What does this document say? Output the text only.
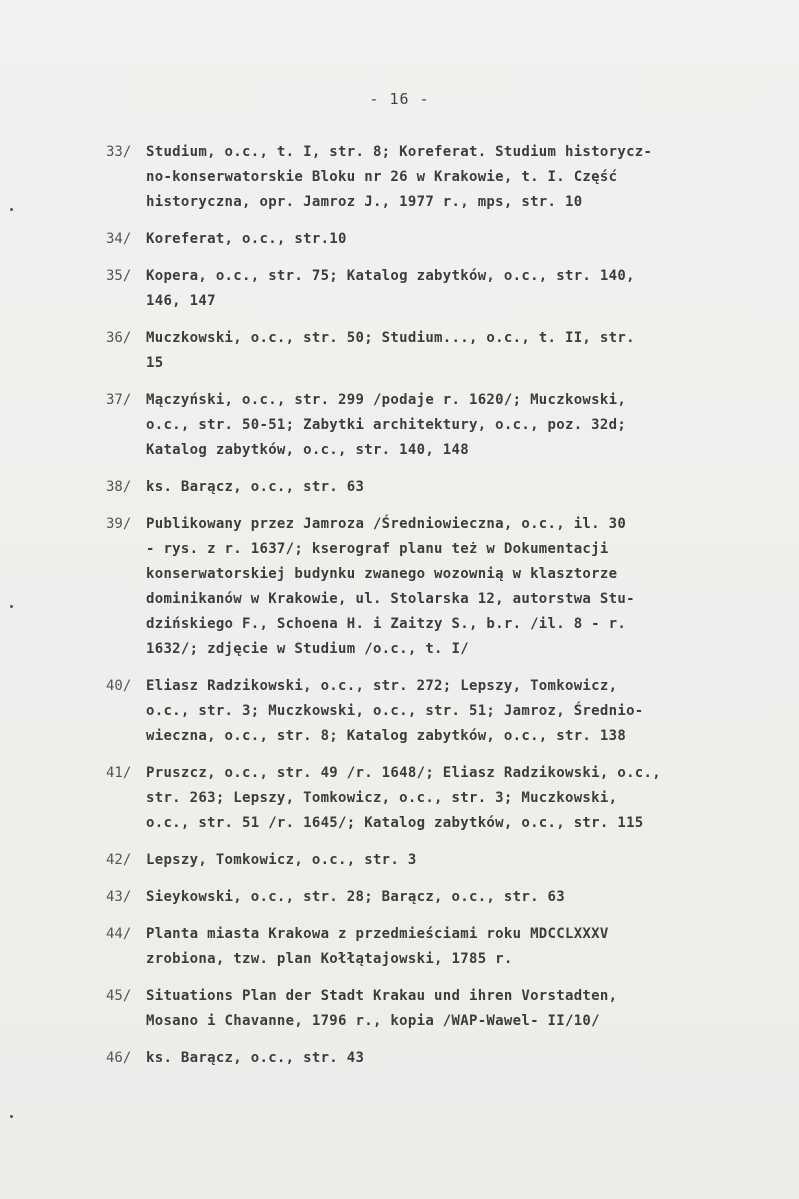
- 16 -
33/	Studium, o.c., t. I, str. 8; Koreferat. Studium historycz-
no-konserwatorskie Bloku nr 26 w Krakowie, t. I. Część
historyczna, opr. Jamroz J., 1977 r., mps, str. 10
34/	Koreferat, o.c., str.10
35/	Kopera, o.c., str. 75; Katalog zabytków, o.c., str. 140,
146, 147
36/	Muczkowski, o.c., str. 50; Studium..., o.c., t. II, str.
15
37/	Mączyński, o.c., str. 299 /podaje r. 1620/; Muczkowski,
o.c., str. 50-51; Zabytki architektury, o.c., poz. 32d;
Katalog zabytków, o.c., str. 140, 148
38/	ks. Barącz, o.c., str. 63
39/	Publikowany przez Jamroza /Średniowieczna, o.c., il. 30
- rys. z r. 1637/; kserograf planu też w Dokumentacji
konserwatorskiej budynku zwanego wozownią w klasztorze
dominikanów w Krakowie, ul. Stolarska 12, autorstwa Stu-
dzińskiego F., Schoena H. i Zaitzy S., b.r. /il. 8 - r.
1632/; zdjęcie w Studium /o.c., t. I/
40/	Eliasz Radzikowski, o.c., str. 272; Lepszy, Tomkowicz,
o.c., str. 3; Muczkowski, o.c., str. 51; Jamroz, Średnio-
wieczna, o.c., str. 8; Katalog zabytków, o.c., str. 138
41/	Pruszcz, o.c., str. 49 /r. 1648/; Eliasz Radzikowski, o.c.,
str. 263; Lepszy, Tomkowicz, o.c., str. 3; Muczkowski,
o.c., str. 51 /r. 1645/; Katalog zabytków, o.c., str. 115
42/	Lepszy, Tomkowicz, o.c., str. 3
43/	Sieykowski, o.c., str. 28; Barącz, o.c., str. 63
44/	Planta miasta Krakowa z przedmieściami roku MDCCLXXXV
zrobiona, tzw. plan Kołłątajowski, 1785 r.
45/	Situations Plan der Stadt Krakau und ihren Vorstadten,
Mosano i Chavanne, 1796 r., kopia /WAP-Wawel- II/10/
46/	ks. Barącz, o.c., str. 43
